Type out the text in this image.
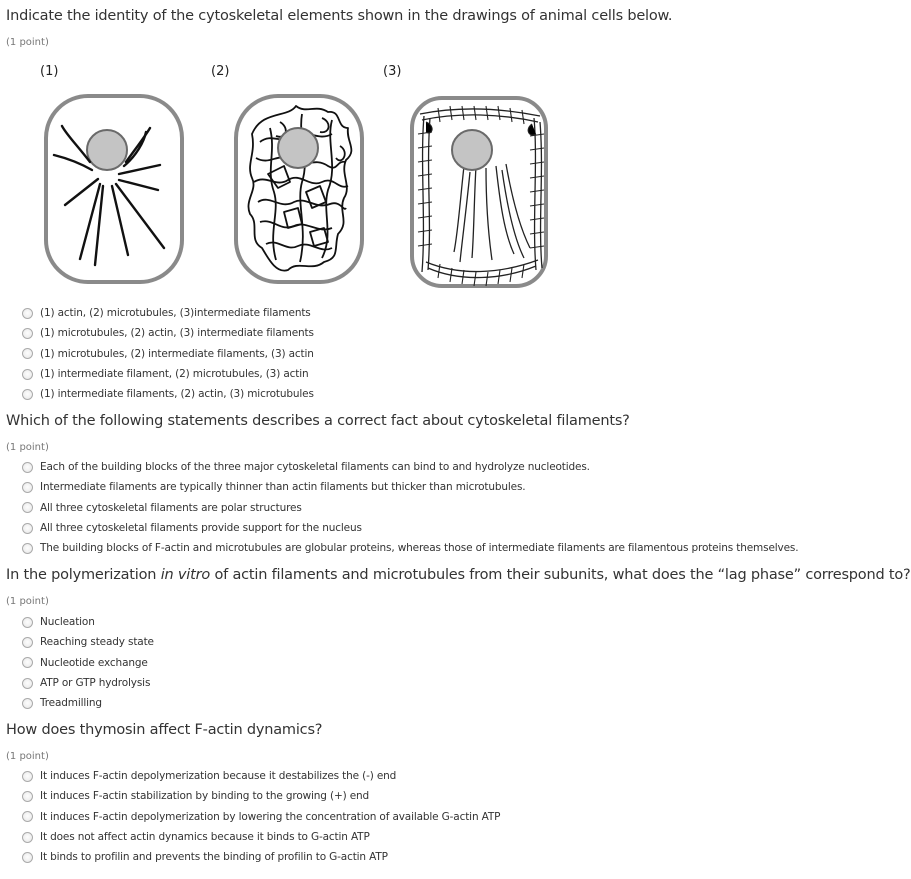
Indicate the identity of the cytoskeletal elements shown in the drawings of animal cells below.
(1 point)
(1)	(2)	(3)
(1) actin, (2) microtubules, (3)intermediate filaments
(1) microtubules, (2) actin, (3) intermediate filaments
(1) microtubules, (2) intermediate filaments, (3) actin
(1) intermediate filament, (2) microtubules, (3) actin
(1) intermediate filaments, (2) actin, (3) microtubules
Which of the following statements describes a correct fact about cytoskeletal filaments?
(1 point)
Each of the building blocks of the three major cytoskeletal filaments can bind to and hydrolyze nucleotides.
Intermediate filaments are typically thinner than actin filaments but thicker than microtubules.
All three cytoskeletal filaments are polar structures
All three cytoskeletal filaments provide support for the nucleus
The building blocks of F-actin and microtubules are globular proteins, whereas those of intermediate filaments are filamentous proteins themselves.
In the polymerization in vitro of actin filaments and microtubules from their subunits, what does the “lag phase” correspond to?
(1 point)
Nucleation
Reaching steady state
Nucleotide exchange
ATP or GTP hydrolysis
Treadmilling
How does thymosin affect F-actin dynamics?
(1 point)
It induces F-actin depolymerization because it destabilizes the (-) end
It induces F-actin stabilization by binding to the growing (+) end
It induces F-actin depolymerization by lowering the concentration of available G-actin ATP
It does not affect actin dynamics because it binds to G-actin ATP
It binds to profilin and prevents the binding of profilin to G-actin ATP
